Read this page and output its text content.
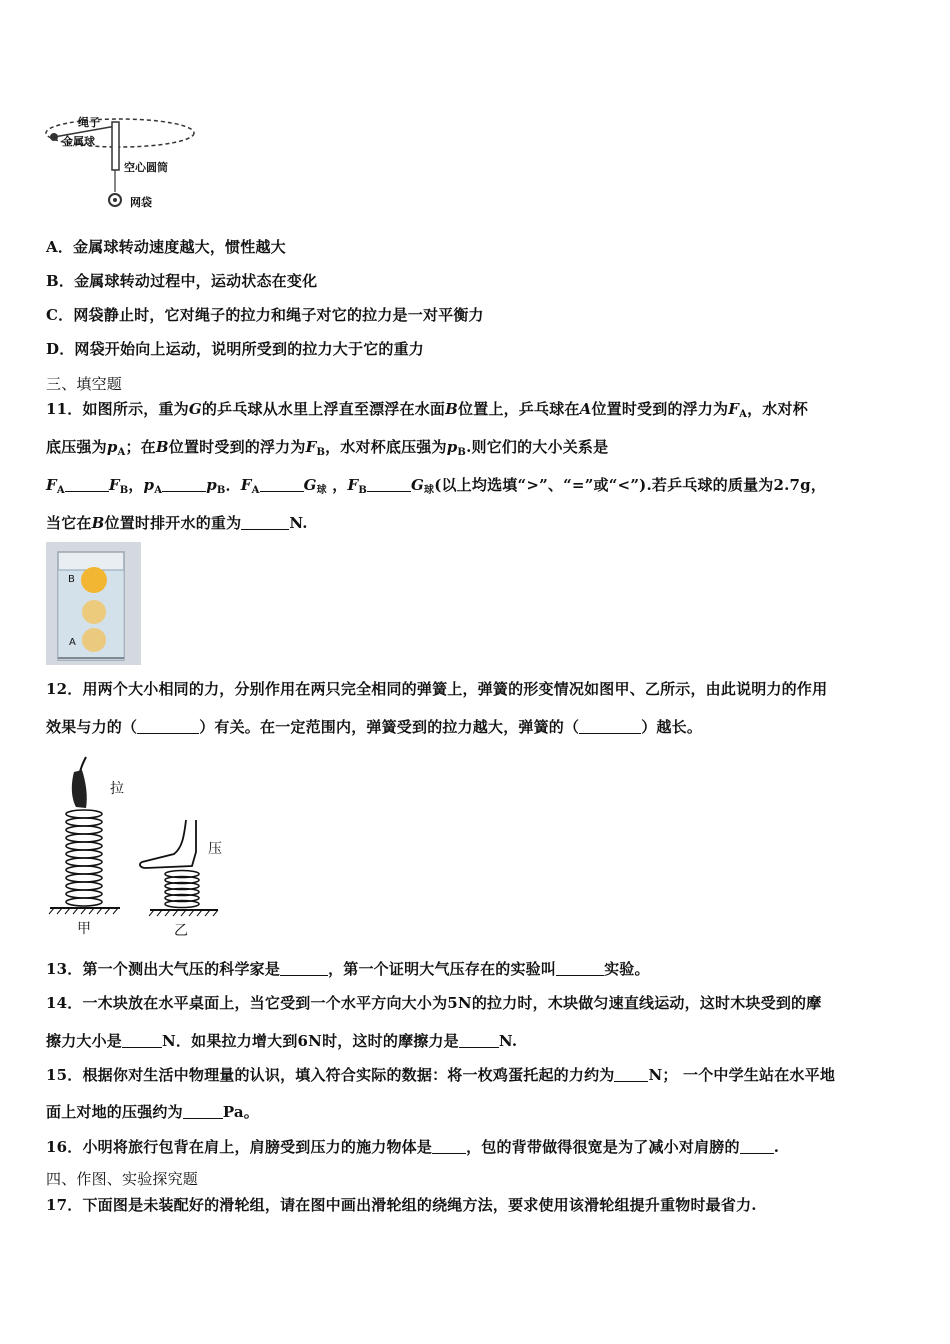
绳子
金属球
空心圆筒
网袋
A．金属球转动速度越大，惯性越大
B．金属球转动过程中，运动状态在变化
C．网袋静止时，它对绳子的拉力和绳子对它的拉力是一对平衡力
D．网袋开始向上运动，说明所受到的拉力大于它的重力
三、填空题
11．如图所示，重为G的乒乓球从水里上浮直至漂浮在水面B位置上，乒乓球在A位置时受到的浮力为$F_A$，水对杯
底压强为$p_A$；在B位置时受到的浮力为$F_B$，水对杯底压强为$p_B$.则它们的大小关系是
$F_A$	$F_B$，$p_A$	$p_B$．$F_A$	$G_球$ ，$F_B$	$G_球$(以上均选填“>”、“=”或“<”).若乒乓球的质量为2.7g，
当它在B位置时排开水的重为	N.
B
A
12．用两个大小相同的力，分别作用在两只完全相同的弹簧上，弹簧的形变情况如图甲、乙所示，由此说明力的作用
效果与力的（	）有关。在一定范围内，弹簧受到的拉力越大，弹簧的（	）越长。
拉
压
甲	乙
13．第一个测出大气压的科学家是	，第一个证明大气压存在的实验叫	实验。
14．一木块放在水平桌面上，当它受到一个水平方向大小为5N的拉力时，木块做匀速直线运动，这时木块受到的摩
擦力大小是	N．如果拉力增大到6N时，这时的摩擦力是	N.
15．根据你对生活中物理量的认识，填入符合实际的数据：将一枚鸡蛋托起的力约为 N； 一个中学生站在水平地
面上对地的压强约为	Pa。
16．小明将旅行包背在肩上，肩膀受到压力的施力物体是 ，包的背带做得很宽是为了减小对肩膀的 .
四、作图、实验探究题
17．下面图是未装配好的滑轮组，请在图中画出滑轮组的绕绳方法，要求使用该滑轮组提升重物时最省力.
